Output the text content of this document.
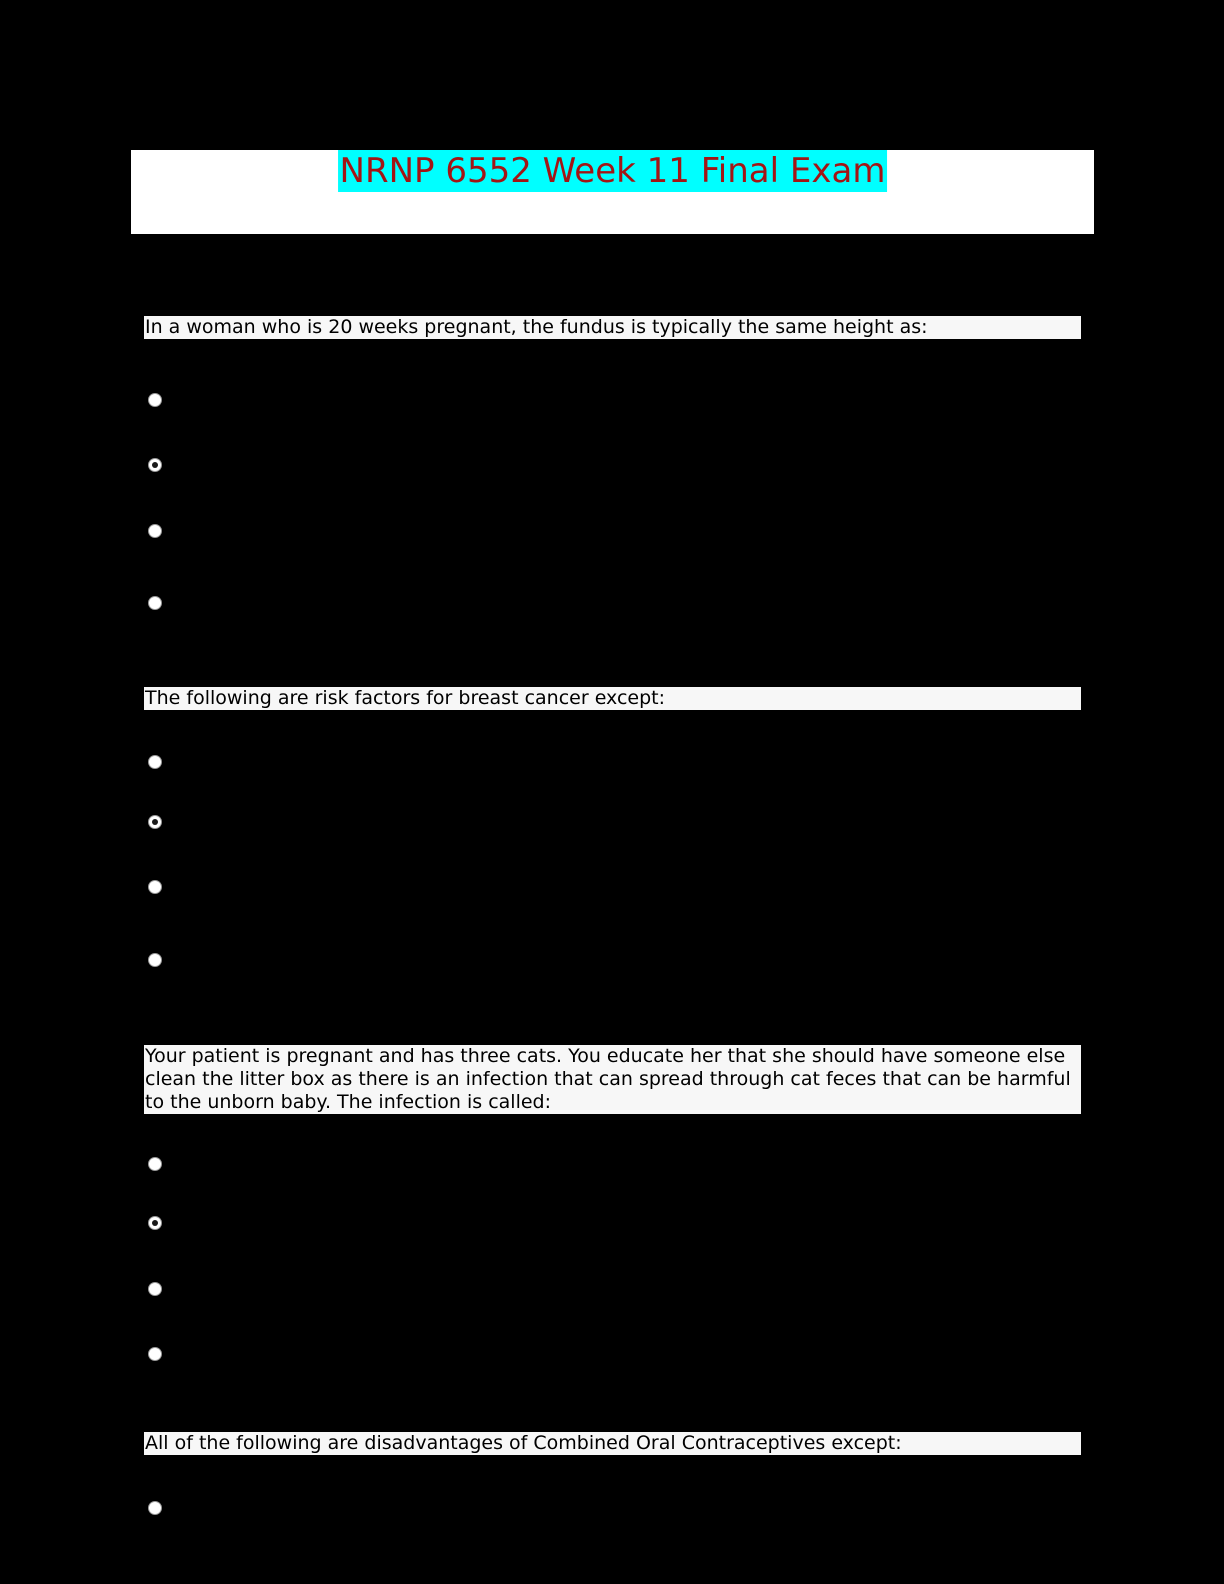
NRNP 6552 Week 11 Final Exam

In a woman who is 20 weeks pregnant, the fundus is typically the same height as:

The following are risk factors for breast cancer except:

Your patient is pregnant and has three cats. You educate her that she should have someone else clean the litter box as there is an infection that can spread through cat feces that can be harmful to the unborn baby. The infection is called:

All of the following are disadvantages of Combined Oral Contraceptives except:
